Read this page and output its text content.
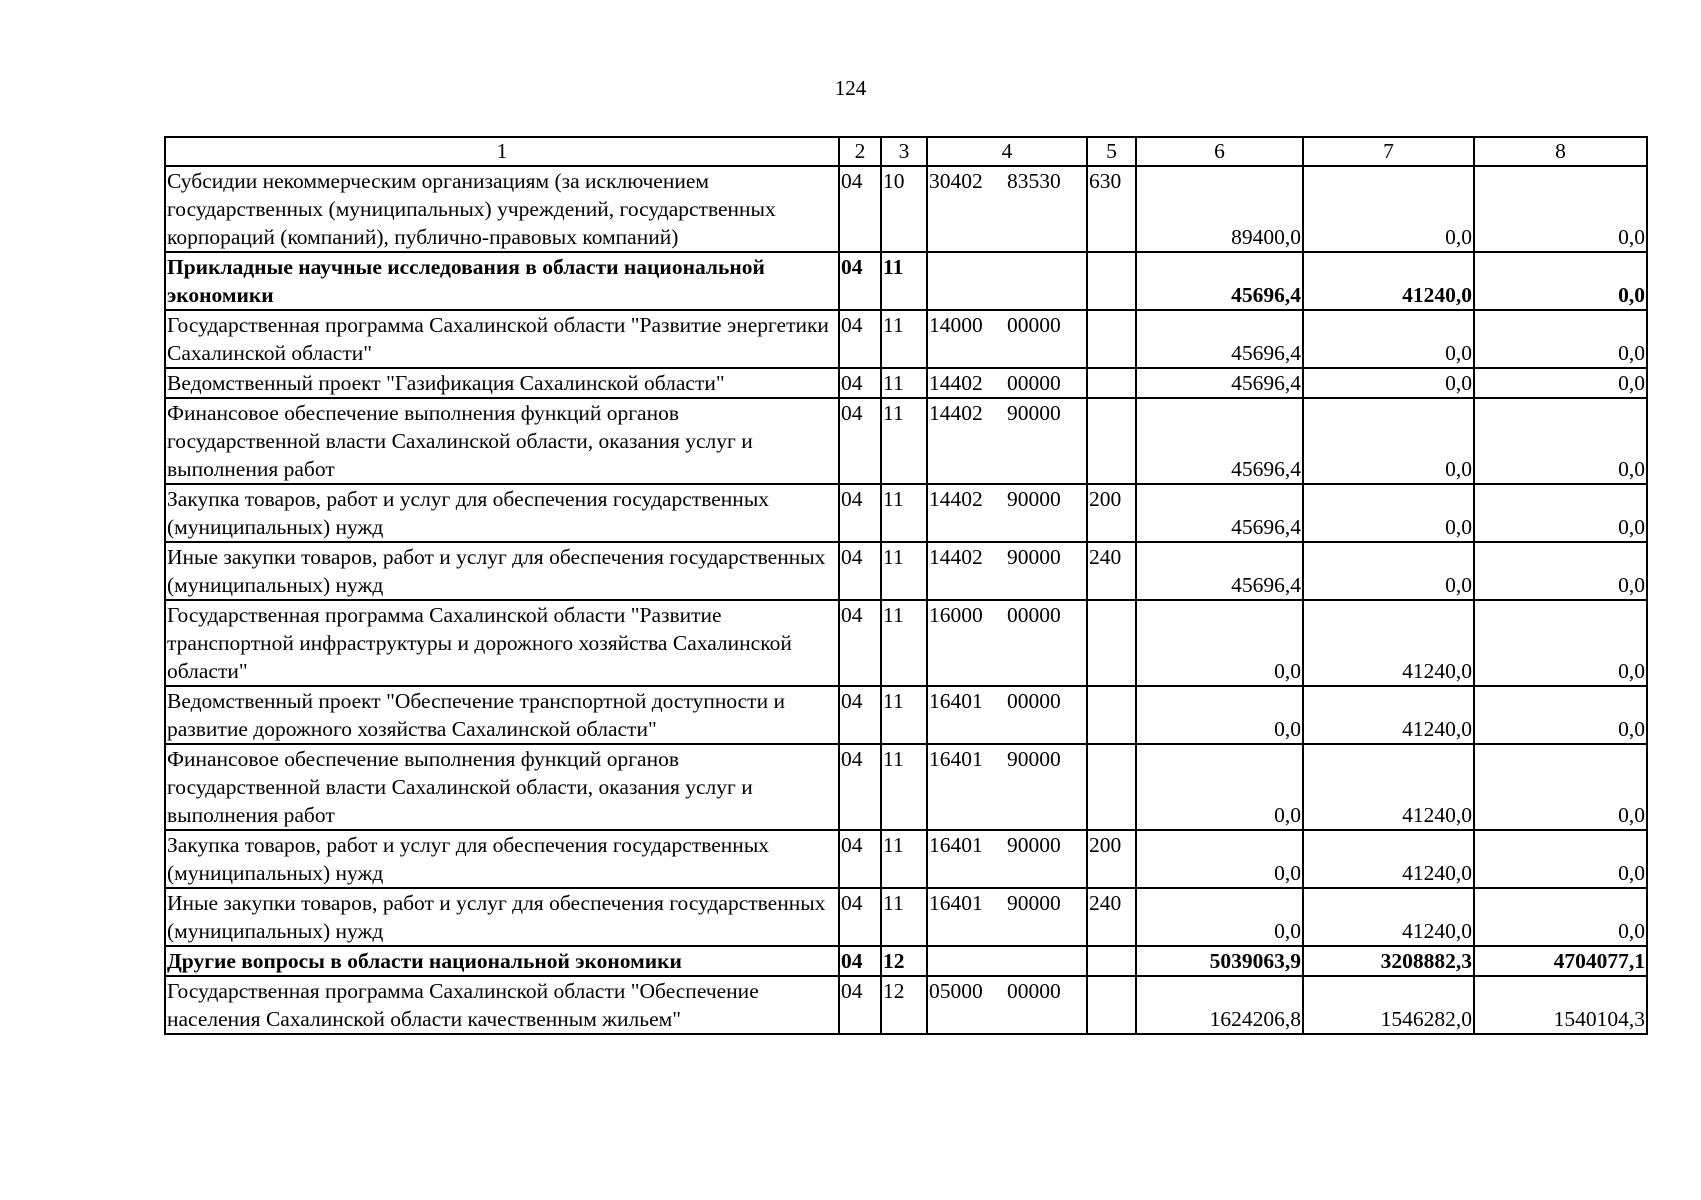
124
1	2	3	4	5	6	7	8
Субсидии некоммерческим организациям (за исключением государственных (муниципальных) учреждений, государственных корпораций (компаний), публично-правовых компаний)	04	10	30402 83530	630	89400,0	0,0	0,0
Прикладные научные исследования в области национальной экономики	04	11			45696,4	41240,0	0,0
Государственная программа Сахалинской области "Развитие энергетики Сахалинской области"	04	11	14000 00000		45696,4	0,0	0,0
Ведомственный проект "Газификация Сахалинской области"	04	11	14402 00000		45696,4	0,0	0,0
Финансовое обеспечение выполнения функций органов государственной власти Сахалинской области, оказания услуг и выполнения работ	04	11	14402 90000		45696,4	0,0	0,0
Закупка товаров, работ и услуг для обеспечения государственных (муниципальных) нужд	04	11	14402 90000	200	45696,4	0,0	0,0
Иные закупки товаров, работ и услуг для обеспечения государственных (муниципальных) нужд	04	11	14402 90000	240	45696,4	0,0	0,0
Государственная программа Сахалинской области "Развитие транспортной инфраструктуры и дорожного хозяйства Сахалинской области"	04	11	16000 00000		0,0	41240,0	0,0
Ведомственный проект "Обеспечение транспортной доступности и развитие дорожного хозяйства Сахалинской области"	04	11	16401 00000		0,0	41240,0	0,0
Финансовое обеспечение выполнения функций органов государственной власти Сахалинской области, оказания услуг и выполнения работ	04	11	16401 90000		0,0	41240,0	0,0
Закупка товаров, работ и услуг для обеспечения государственных (муниципальных) нужд	04	11	16401 90000	200	0,0	41240,0	0,0
Иные закупки товаров, работ и услуг для обеспечения государственных (муниципальных) нужд	04	11	16401 90000	240	0,0	41240,0	0,0
Другие вопросы в области национальной экономики	04	12			5039063,9	3208882,3	4704077,1
Государственная программа Сахалинской области "Обеспечение населения Сахалинской области качественным жильем"	04	12	05000 00000		1624206,8	1546282,0	1540104,3
